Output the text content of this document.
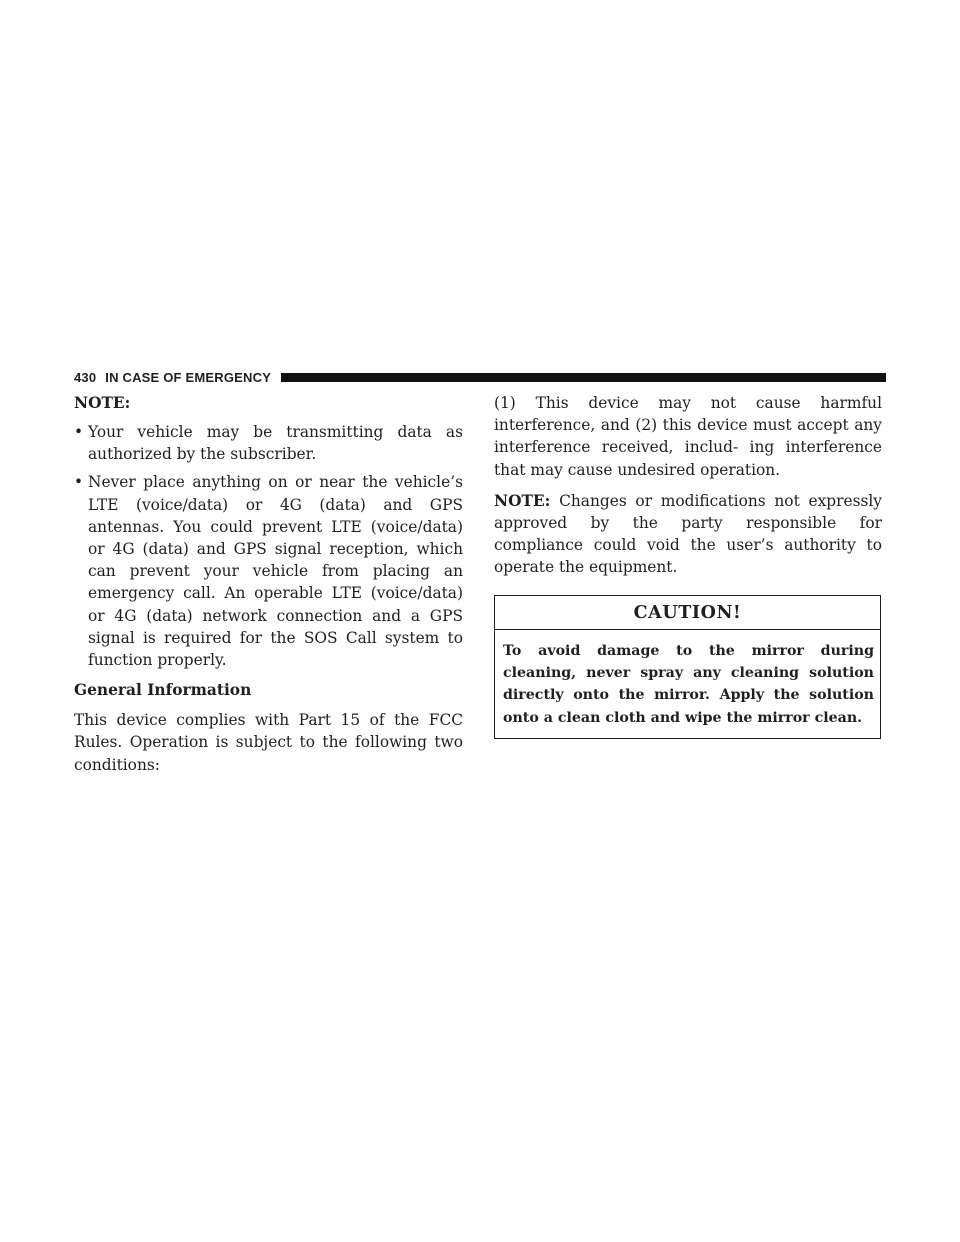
430 IN CASE OF EMERGENCY
NOTE:
• Your vehicle may be transmitting data as authorized by the subscriber.
• Never place anything on or near the vehicle’s LTE (voice/data) or 4G (data) and GPS antennas. You could prevent LTE (voice/data) or 4G (data) and GPS signal reception, which can prevent your vehicle from placing an emergency call. An operable LTE (voice/data) or 4G (data) network connection and a GPS signal is required for the SOS Call system to function properly.
General Information

This device complies with Part 15 of the FCC Rules. Operation is subject to the following two conditions:

(1) This device may not cause harmful interference, and (2) this device must accept any interference received, includ- ing interference that may cause undesired operation.

NOTE: Changes or modifications not expressly approved by the party responsible for compliance could void the user’s authority to operate the equipment.

CAUTION!
To avoid damage to the mirror during cleaning, never spray any cleaning solution directly onto the mirror. Apply the solution onto a clean cloth and wipe the mirror clean.
